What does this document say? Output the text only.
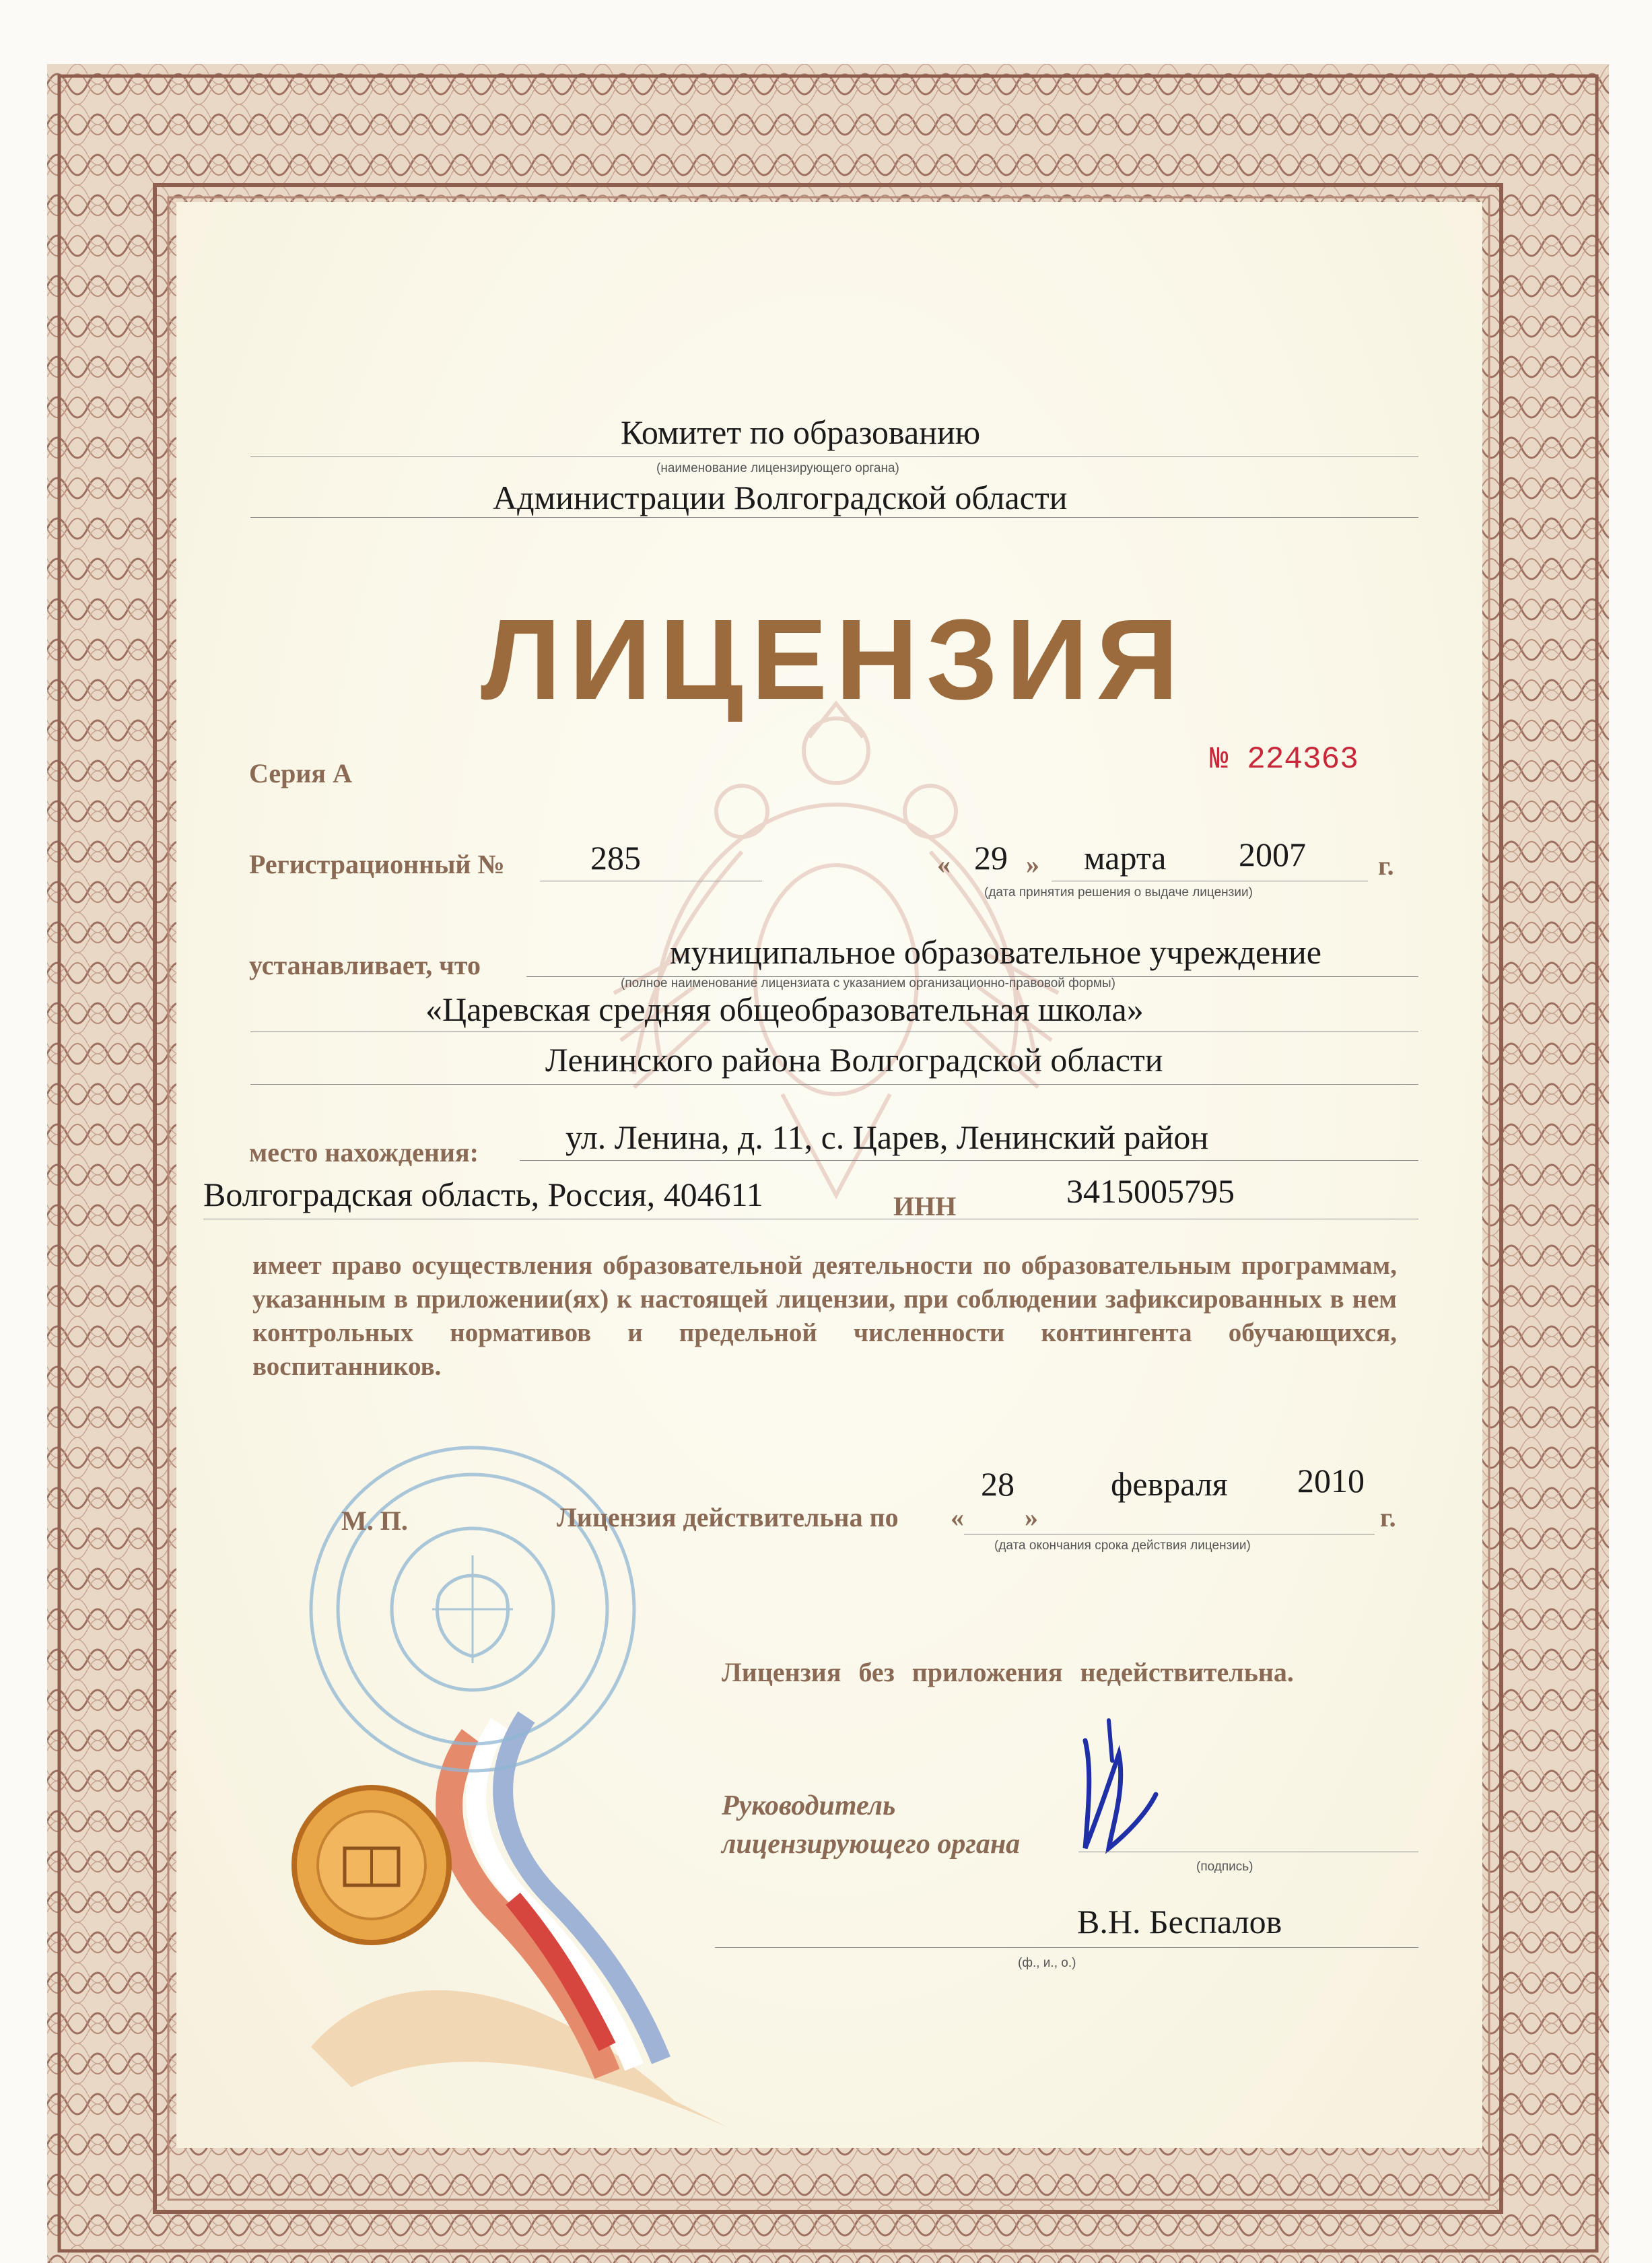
Комитет по образованию
(наименование лицензирующего органа)
Администрации Волгоградской области
ЛИЦЕНЗИЯ
Серия А	№ 224363
Регистрационный №	285	« 29 » марта 2007	г.
(дата принятия решения о выдаче лицензии)
устанавливает, что	муниципальное образовательное учреждение
(полное наименование лицензиата с указанием организационно-правовой формы)
«Царевская средняя общеобразовательная школа»
Ленинского района Волгоградской области
место нахождения:	ул. Ленина, д. 11, с. Царев, Ленинский район
Волгоградская область, Россия, 404611	ИНН	3415005795
имеет право осуществления образовательной деятельности по образовательным программам, указанным в приложении(ях) к настоящей лицензии, при соблюдении зафиксированных в нем контрольных нормативов и предельной численности контингента обучающихся, воспитанников.
М. П.	Лицензия действительна по «
28
»
февраля 2010
г.
(дата окончания срока действия лицензии)
Лицензия без приложения недействительна.
Руководитель
лицензирующего органа
(подпись)
В.Н. Беспалов
(ф., и., о.)
